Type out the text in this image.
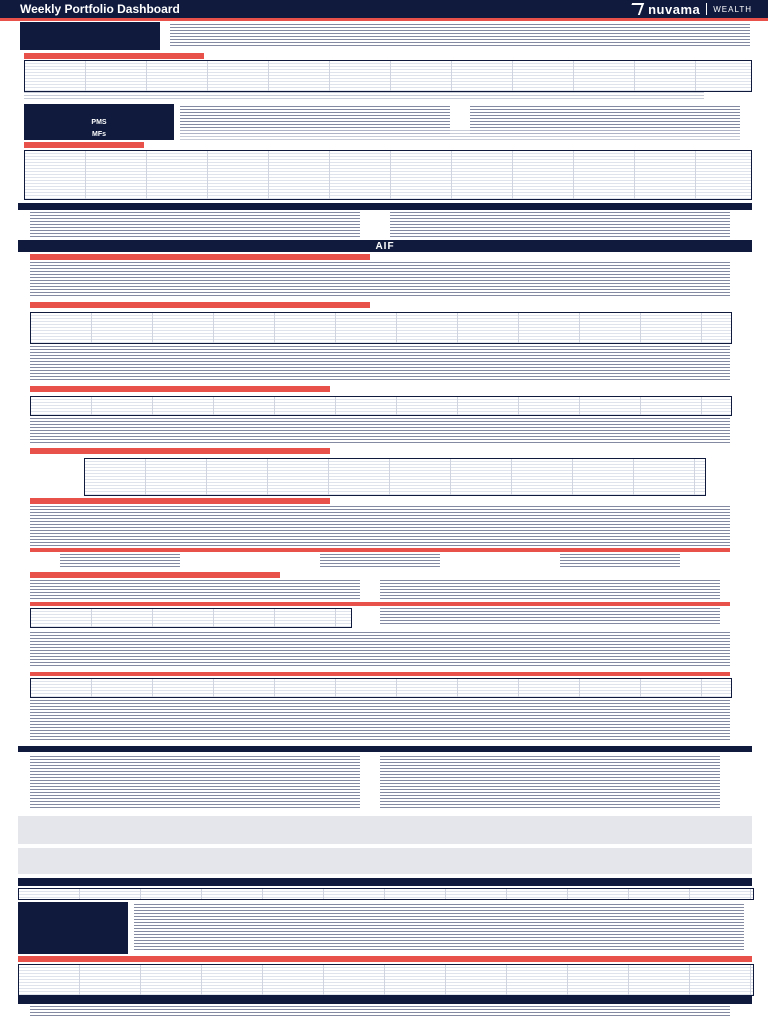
Weekly Portfolio Dashboard	nuvama WEALTH
PMS
MFs
AIF
